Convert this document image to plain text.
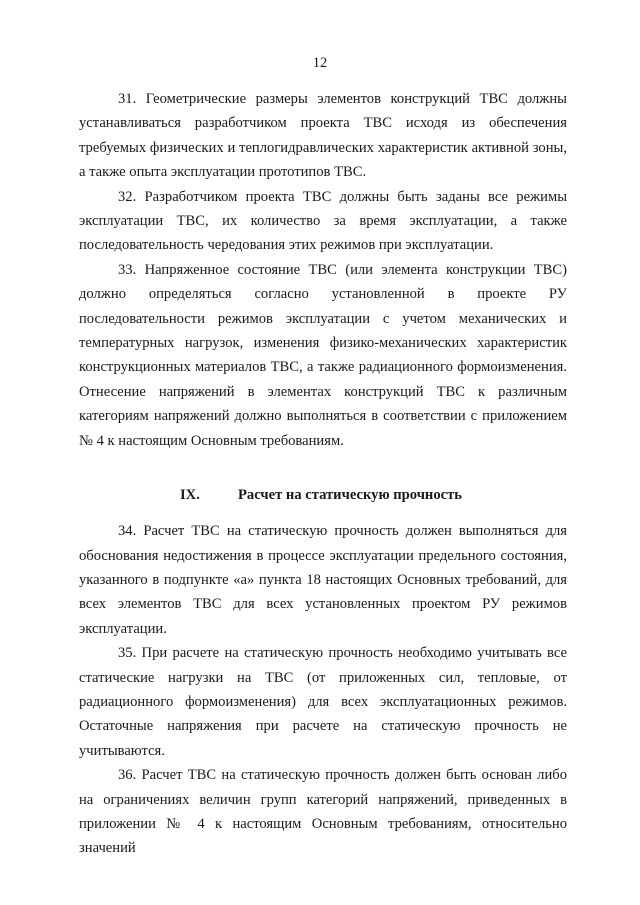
12

31. Геометрические размеры элементов конструкций ТВС должны устанавливаться разработчиком проекта ТВС исходя из обеспечения требуемых физических и теплогидравлических характеристик активной зоны, а также опыта эксплуатации прототипов ТВС.

32. Разработчиком проекта ТВС должны быть заданы все режимы эксплуатации ТВС, их количество за время эксплуатации, а также последовательность чередования этих режимов при эксплуатации.

33. Напряженное состояние ТВС (или элемента конструкции ТВС) должно определяться согласно установленной в проекте РУ последовательности режимов эксплуатации с учетом механических и температурных нагрузок, изменения физико-механических характеристик конструкционных материалов ТВС, а также радиационного формоизменения. Отнесение напряжений в элементах конструкций ТВС к различным категориям напряжений должно выполняться в соответствии с приложением № 4 к настоящим Основным требованиям.

IX.	Расчет на статическую прочность

34. Расчет ТВС на статическую прочность должен выполняться для обоснования недостижения в процессе эксплуатации предельного состояния, указанного в подпункте «а» пункта 18 настоящих Основных требований, для всех элементов ТВС для всех установленных проектом РУ режимов эксплуатации.

35. При расчете на статическую прочность необходимо учитывать все статические нагрузки на ТВС (от приложенных сил, тепловые, от радиационного формоизменения) для всех эксплуатационных режимов. Остаточные напряжения при расчете на статическую прочность не учитываются.

36. Расчет ТВС на статическую прочность должен быть основан либо на ограничениях величин групп категорий напряжений, приведенных в приложении № 4 к настоящим Основным требованиям, относительно значений
